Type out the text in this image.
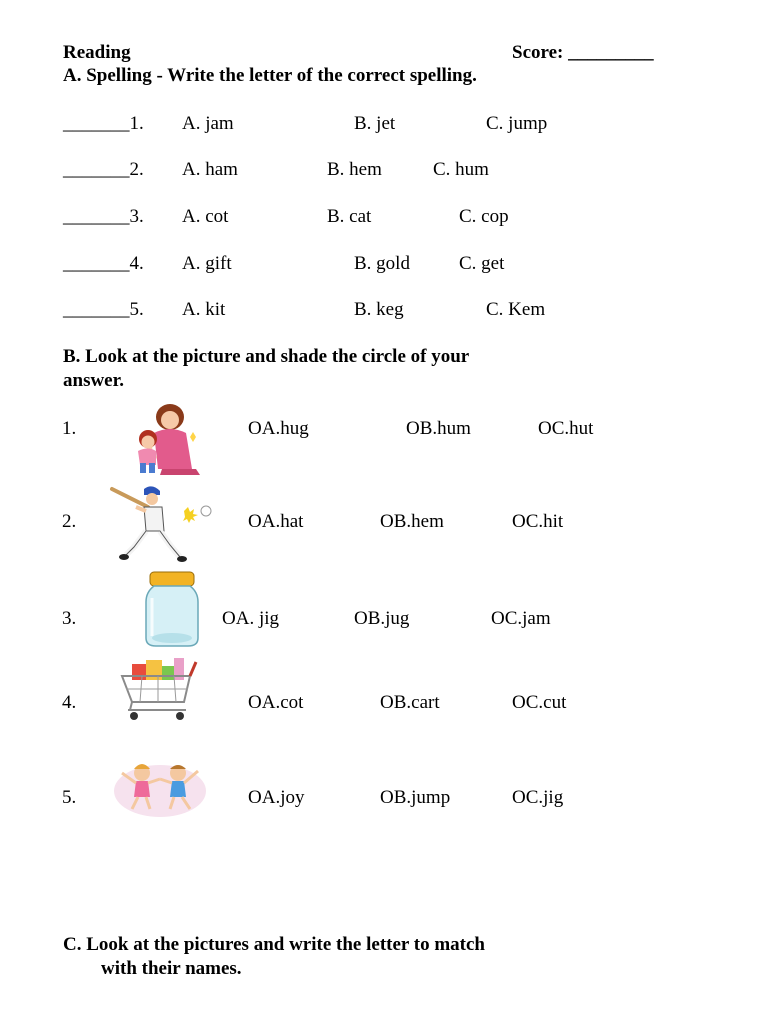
Reading	Score: _________
A. Spelling - Write the letter of the correct spelling.
_______1. A. jam	B. jet	C. jump
_______2. A. ham	B. hem	C. hum
_______3. A. cot	B. cat	C. cop
_______4. A. gift	B. gold	C. get
_______5. A. kit	B. keg	C. Kem
B. Look at the picture and shade the circle of your
answer.
1.	OA.hug	OB.hum	OC.hut
2.	OA.hat	OB.hem	OC.hit
3.	OA. jig	OB.jug	OC.jam
4.	OA.cot	OB.cart	OC.cut
5.	OA.joy	OB.jump	OC.jig
C. Look at the pictures and write the letter to match
with their names.
